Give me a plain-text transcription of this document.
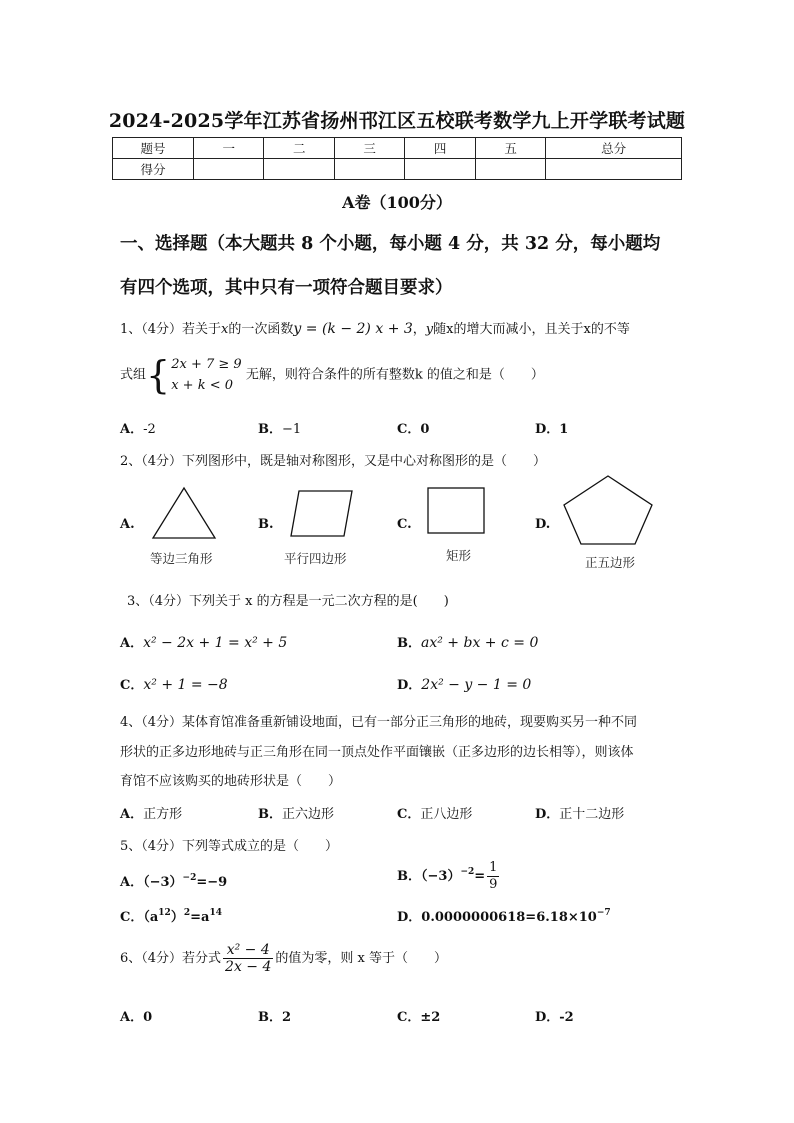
2024-2025学年江苏省扬州邗江区五校联考数学九上开学联考试题
题号	一	二	三	四	五	总分
得分						
A卷（100分）
一、选择题（本大题共 8 个小题，每小题 4 分，共 32 分，每小题均
有四个选项，其中只有一项符合题目要求）
1、（4分）若关于x的一次函数y = (k − 2) x + 3，y随x的增大而减小，且关于x的不等
式组{ 2x + 7 ≥ 9
x + k < 0
无解，则符合条件的所有整数k 的值之和是（　　）
A．-2	B．−1	C．0	D．1
2、（4分）下列图形中，既是轴对称图形，又是中心对称图形的是（　　）
A.
等边三角形
B.
平行四边形
C.
矩形
D.
正五边形
3、（4分）下列关于 x 的方程是一元二次方程的是(　　)
A．x² − 2x + 1 = x² + 5	B．ax² + bx + c = 0
C．x² + 1 = −8	D．2x² − y − 1 = 0
4、（4分）某体育馆准备重新铺设地面，已有一部分正三角形的地砖，现要购买另一种不同
形状的正多边形地砖与正三角形在同一顶点处作平面镶嵌（正多边形的边长相等），则该体
育馆不应该购买的地砖形状是（　　）
A．正方形	B．正六边形	C．正八边形	D．正十二边形
5、（4分）下列等式成立的是（　　）
A．$(-3)^{-2}=-9$	B．$(-3)^{-2}= \frac{1}{9}$
C．$(a^{12})^2=a^{14}$	D．$0.0000000618=6.18\times 10^{-7}$
6、（4分）若分式 $\frac{\text{x² − 4}}{2x - 4}$ 的值为零，则 x 等于（　　）
A．0	B．2	C．±2	D．-2
